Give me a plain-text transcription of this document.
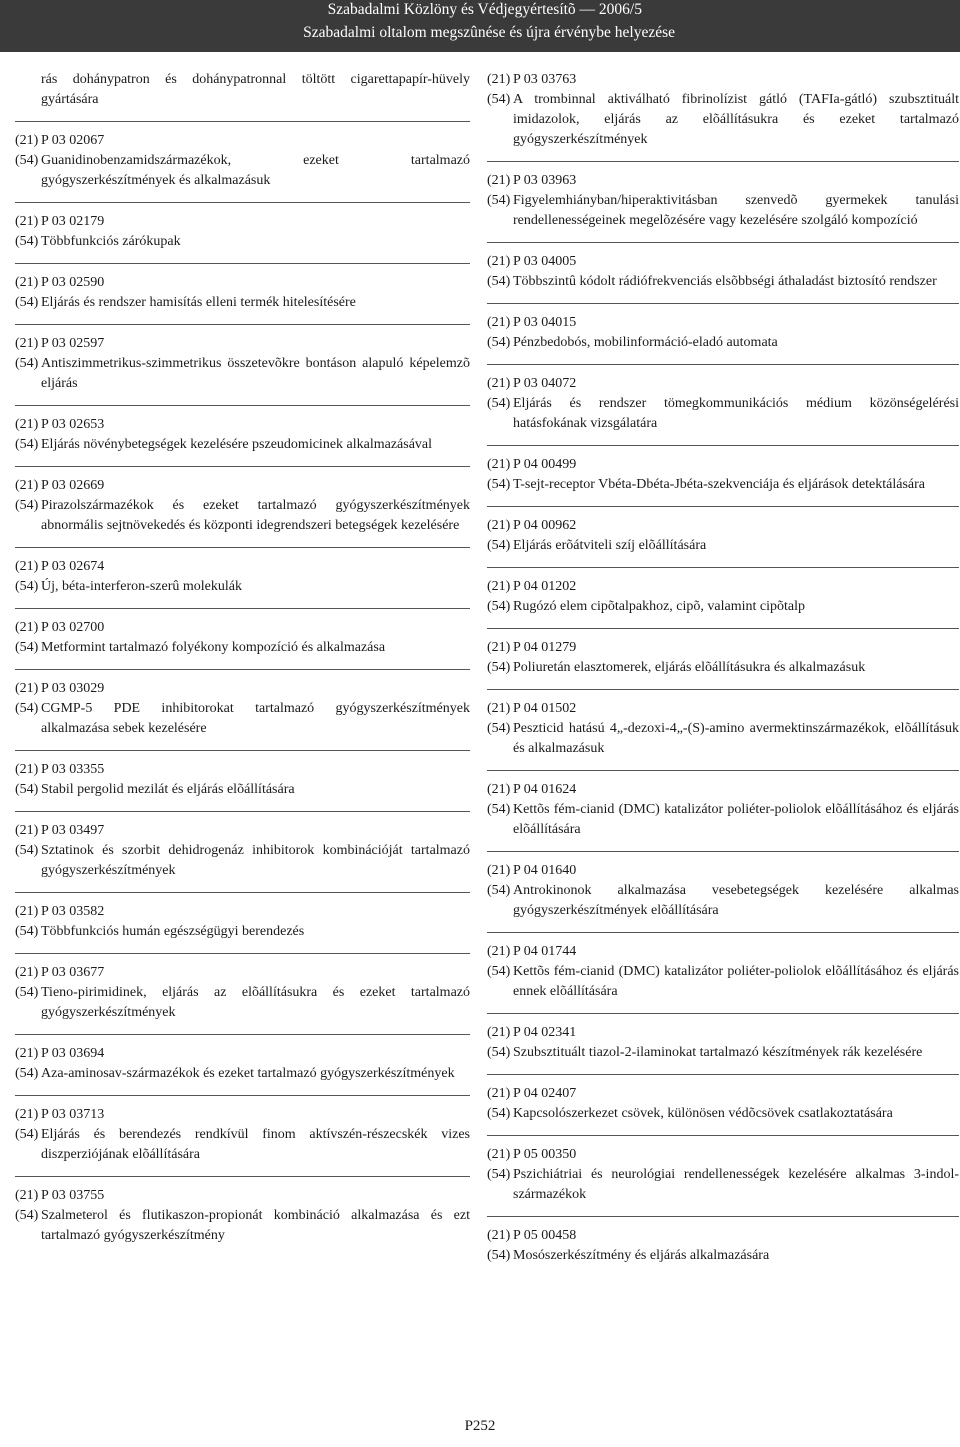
Szabadalmi Közlöny és Védjegyértesítõ — 2006/5
Szabadalmi oltalom megszûnése és újra érvénybe helyezése
rás dohánypatron és dohánypatronnal töltött cigarettapapír-hüvely gyártására
(21) P 03 02067
(54) Guanidinobenzamidszármazékok, ezeket tartalmazó gyógyszerkészítmények és alkalmazásuk
(21) P 03 02179
(54) Többfunkciós zárókupak
(21) P 03 02590
(54) Eljárás és rendszer hamisítás elleni termék hitelesítésére
(21) P 03 02597
(54) Antiszimmetrikus-szimmetrikus összetevõkre bontáson alapuló képelemzõ eljárás
(21) P 03 02653
(54) Eljárás növénybetegségek kezelésére pszeudomicinek alkalmazásával
(21) P 03 02669
(54) Pirazolszármazékok és ezeket tartalmazó gyógyszerkészítmények abnormális sejtnövekedés és központi idegrendszeri betegségek kezelésére
(21) P 03 02674
(54) Új, béta-interferon-szerû molekulák
(21) P 03 02700
(54) Metformint tartalmazó folyékony kompozíció és alkalmazása
(21) P 03 03029
(54) CGMP-5 PDE inhibitorokat tartalmazó gyógyszerkészítmények alkalmazása sebek kezelésére
(21) P 03 03355
(54) Stabil pergolid mezilát és eljárás elõállítására
(21) P 03 03497
(54) Sztatinok és szorbit dehidrogenáz inhibitorok kombinációját tartalmazó gyógyszerkészítmények
(21) P 03 03582
(54) Többfunkciós humán egészségügyi berendezés
(21) P 03 03677
(54) Tieno-pirimidinek, eljárás az elõállításukra és ezeket tartalmazó gyógyszerkészítmények
(21) P 03 03694
(54) Aza-aminosav-származékok és ezeket tartalmazó gyógyszerkészítmények
(21) P 03 03713
(54) Eljárás és berendezés rendkívül finom aktívszén-részecskék vizes diszperziójának elõállítására
(21) P 03 03755
(54) Szalmeterol és flutikaszon-propionát kombináció alkalmazása és ezt tartalmazó gyógyszerkészítmény
(21) P 03 03763
(54) A trombinnal aktiválható fibrinolízist gátló (TAFIa-gátló) szubsztituált imidazolok, eljárás az elõállításukra és ezeket tartalmazó gyógyszerkészítmények
(21) P 03 03963
(54) Figyelemhiányban/hiperaktivitásban szenvedõ gyermekek tanulási rendellenességeinek megelõzésére vagy kezelésére szolgáló kompozíció
(21) P 03 04005
(54) Többszintû kódolt rádiófrekvenciás elsõbbségi áthaladást biztosító rendszer
(21) P 03 04015
(54) Pénzbedobós, mobilinformáció-eladó automata
(21) P 03 04072
(54) Eljárás és rendszer tömegkommunikációs médium közönségelérési hatásfokának vizsgálatára
(21) P 04 00499
(54) T-sejt-receptor Vbéta-Dbéta-Jbéta-szekvenciája és eljárások detektálására
(21) P 04 00962
(54) Eljárás erõátviteli szíj elõállítására
(21) P 04 01202
(54) Rugózó elem cipõtalpakhoz, cipõ, valamint cipõtalp
(21) P 04 01279
(54) Poliuretán elasztomerek, eljárás elõállításukra és alkalmazásuk
(21) P 04 01502
(54) Peszticid hatású 4„-dezoxi-4„-(S)-amino avermektinszármazékok, elõállításuk és alkalmazásuk
(21) P 04 01624
(54) Kettõs fém-cianid (DMC) katalizátor poliéter-poliolok elõállításához és eljárás elõállítására
(21) P 04 01640
(54) Antrokinonok alkalmazása vesebetegségek kezelésére alkalmas gyógyszerkészítmények elõállítására
(21) P 04 01744
(54) Kettõs fém-cianid (DMC) katalizátor poliéter-poliolok elõállításához és eljárás ennek elõállítására
(21) P 04 02341
(54) Szubsztituált tiazol-2-ilaminokat tartalmazó készítmények rák kezelésére
(21) P 04 02407
(54) Kapcsolószerkezet csövek, különösen védõcsövek csatlakoztatására
(21) P 05 00350
(54) Pszichiátriai és neurológiai rendellenességek kezelésére alkalmas 3-indol-származékok
(21) P 05 00458
(54) Mosószerkészítmény és eljárás alkalmazására
P252
